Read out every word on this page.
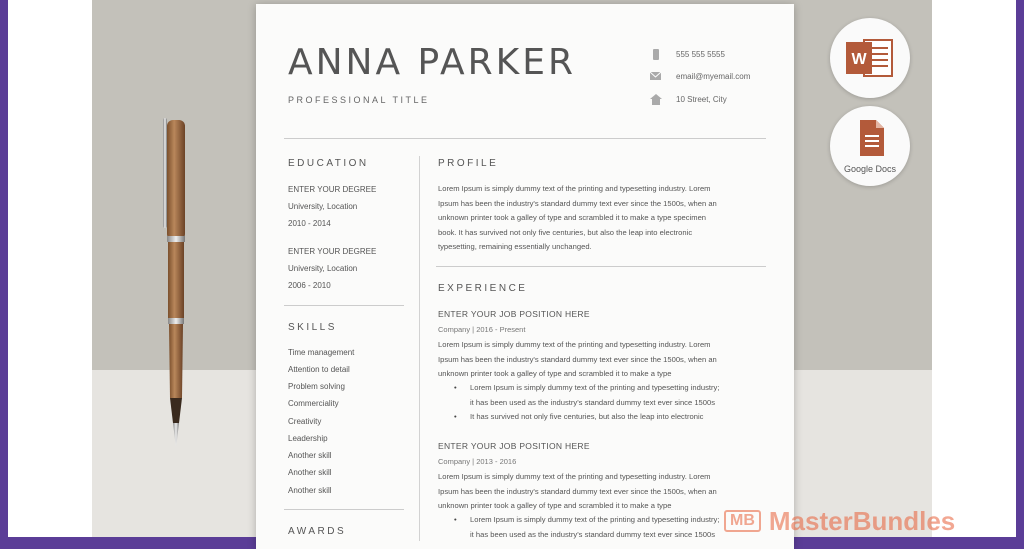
W
Google Docs
ANNA PARKER
PROFESSIONAL TITLE
555 555 5555
email@myemail.com
10 Street, City
EDUCATION
ENTER YOUR DEGREE
University, Location
2010 - 2014
ENTER YOUR DEGREE
University, Location
2006 - 2010
SKILLS
Time management
Attention to detail
Problem solving
Commerciality
Creativity
Leadership
Another skill
Another skill
Another skill
AWARDS
PROFILE
Lorem Ipsum is simply dummy text of the printing and typesetting industry. Lorem
Ipsum has been the industry's standard dummy text ever since the 1500s, when an
unknown printer took a galley of type and scrambled it to make a type specimen
book. It has survived not only five centuries, but also the leap into electronic
typesetting, remaining essentially unchanged.
EXPERIENCE
ENTER YOUR JOB POSITION HERE
Company | 2016 - Present
Lorem Ipsum is simply dummy text of the printing and typesetting industry. Lorem
Ipsum has been the industry's standard dummy text ever since the 1500s, when an
unknown printer took a galley of type and scrambled it to make a type
• Lorem Ipsum is simply dummy text of the printing and typesetting industry;
it has been used as the industry's standard dummy text ever since 1500s
• It has survived not only five centuries, but also the leap into electronic
ENTER YOUR JOB POSITION HERE
Company | 2013 - 2016
Lorem Ipsum is simply dummy text of the printing and typesetting industry. Lorem
Ipsum has been the industry's standard dummy text ever since the 1500s, when an
unknown printer took a galley of type and scrambled it to make a type
• Lorem Ipsum is simply dummy text of the printing and typesetting industry;
it has been used as the industry's standard dummy text ever since 1500s
MB MasterBundles
